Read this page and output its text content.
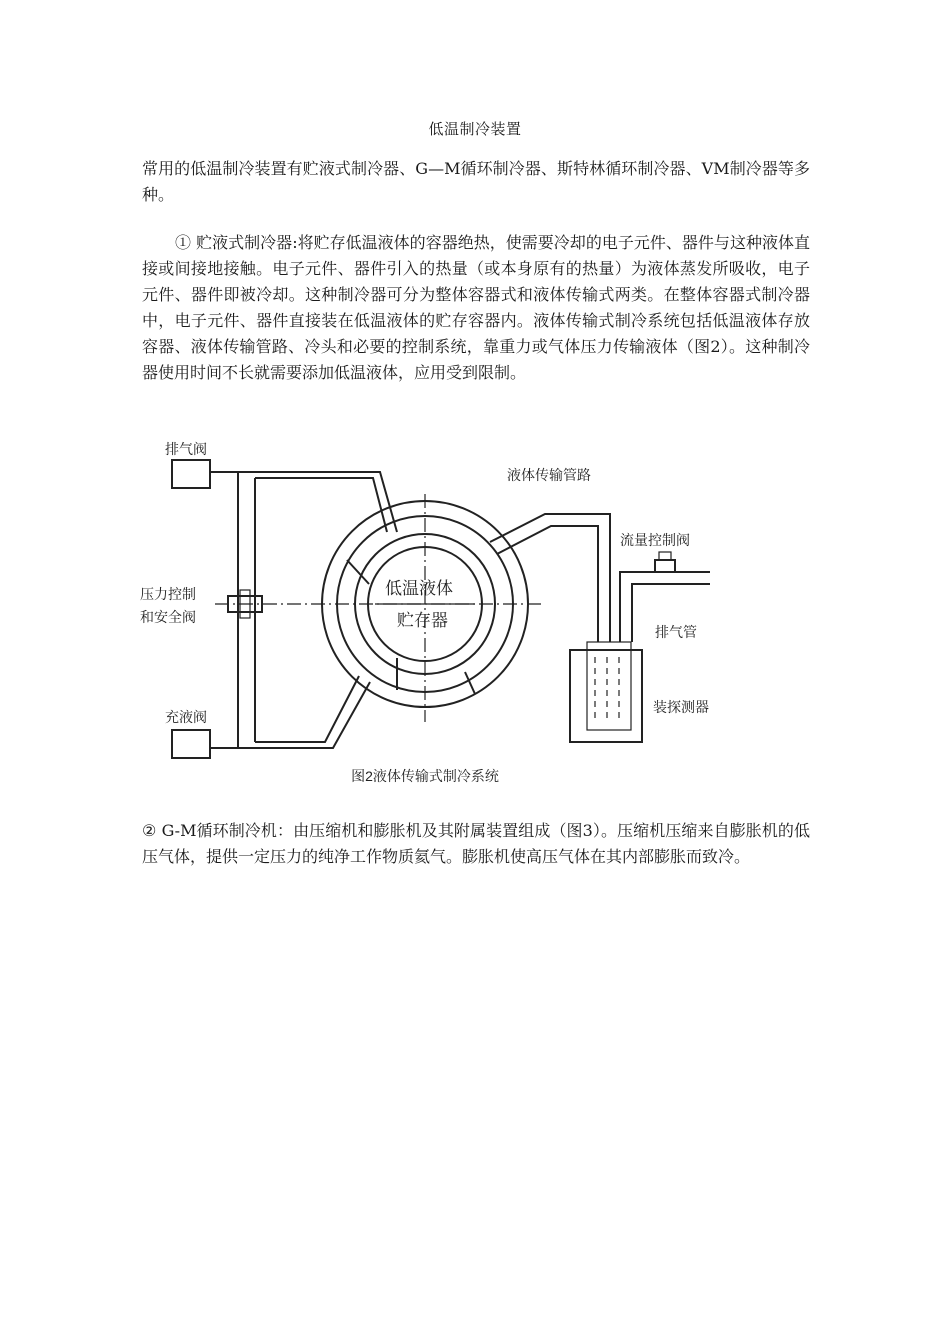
低温制冷装置

常用的低温制冷装置有贮液式制冷器、G—M循环制冷器、斯特林循环制冷器、VM制冷器等多种。

① 贮液式制冷器:将贮存低温液体的容器绝热，使需要冷却的电子元件、器件与这种液体直接或间接地接触。电子元件、器件引入的热量（或本身原有的热量）为液体蒸发所吸收，电子元件、器件即被冷却。这种制冷器可分为整体容器式和液体传输式两类。在整体容器式制冷器中，电子元件、器件直接装在低温液体的贮存容器内。液体传输式制冷系统包括低温液体存放容器、液体传输管路、冷头和必要的控制系统，靠重力或气体压力传输液体（图2）。这种制冷器使用时间不长就需要添加低温液体，应用受到限制。

排气阀
压力控制
和安全阀
充液阀
低温液体
贮存器
液体传输管路
流量控制阀
排气管
装探测器
图2液体传输式制冷系统

② G-M循环制冷机：由压缩机和膨胀机及其附属装置组成（图3）。压缩机压缩来自膨胀机的低压气体，提供一定压力的纯净工作物质氦气。膨胀机使高压气体在其内部膨胀而致冷。
